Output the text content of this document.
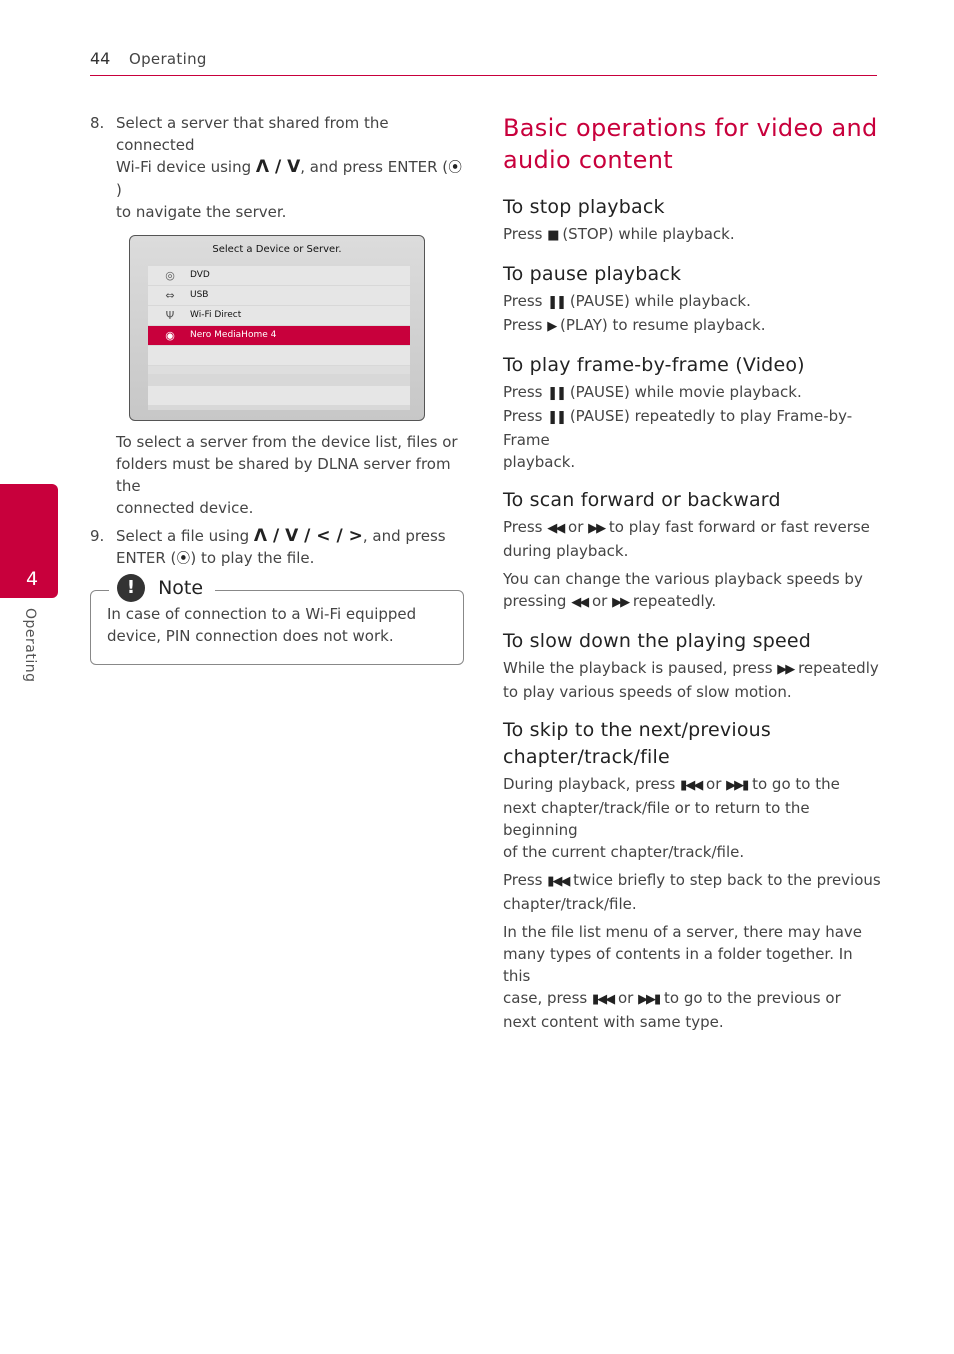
44 Operating
4
Operating
8. Select a server that shared from the connected
Wi-Fi device using Λ / V, and press ENTER (⦿)
to navigate the server.
Select a Device or Server.
◎	DVD
⇔	USB
Ψ	Wi-Fi Direct
◉	Nero MediaHome 4
To select a server from the device list, files or
folders must be shared by DLNA server from the
connected device.
9. Select a file using Λ / V / < / >, and press
ENTER (⦿) to play the file.
! Note
In case of connection to a Wi-Fi equipped
device, PIN connection does not work.
Basic operations for video and
audio content
To stop playback
Press ■ (STOP) while playback.
To pause playback
Press ❚❚ (PAUSE) while playback.
Press ▶ (PLAY) to resume playback.
To play frame-by-frame (Video)
Press ❚❚ (PAUSE) while movie playback.
Press ❚❚ (PAUSE) repeatedly to play Frame-by-Frame
playback.
To scan forward or backward
Press ◀◀ or ▶▶ to play fast forward or fast reverse
during playback.
You can change the various playback speeds by
pressing ◀◀ or ▶▶ repeatedly.
To slow down the playing speed
While the playback is paused, press ▶▶ repeatedly
to play various speeds of slow motion.
To skip to the next/previous
chapter/track/file
During playback, press ▮◀◀ or ▶▶▮ to go to the
next chapter/track/file or to return to the beginning
of the current chapter/track/file.
Press ▮◀◀ twice briefly to step back to the previous
chapter/track/file.
In the file list menu of a server, there may have
many types of contents in a folder together. In this
case, press ▮◀◀ or ▶▶▮ to go to the previous or
next content with same type.
